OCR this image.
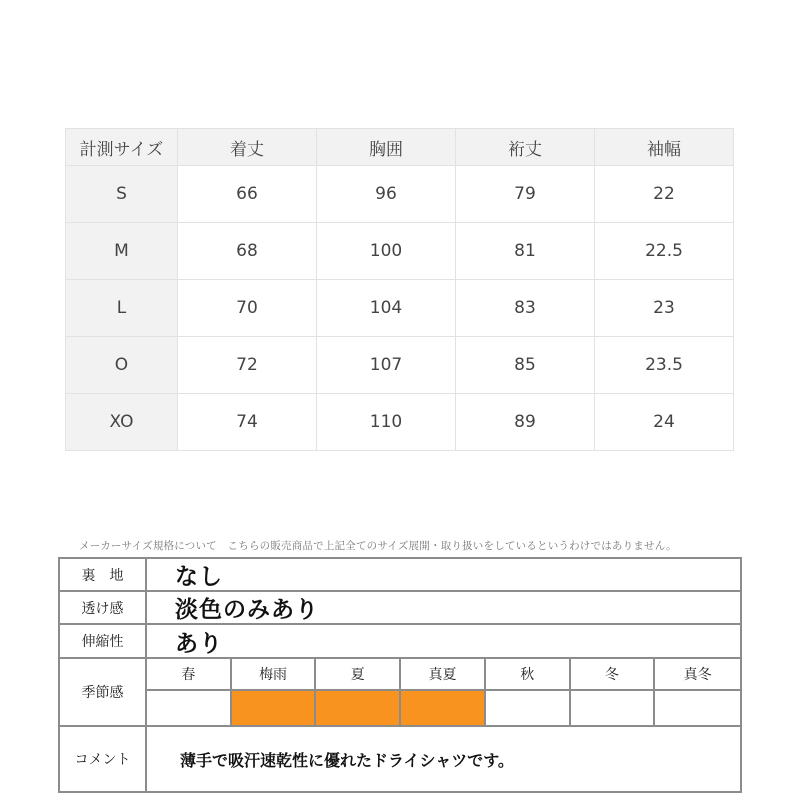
計測サイズ	着丈	胸囲	裄丈	袖幅
S	66	96	79	22
M	68	100	81	22.5
L	70	104	83	23
O	72	107	85	23.5
XO	74	110	89	24
メーカーサイズ規格について　こちらの販売商品で上記全てのサイズ展開・取り扱いをしているというわけではありません。
裏　地	なし
透け感	淡色のみあり
伸縮性	あり
季節感
春	梅雨	夏	真夏	秋	冬	真冬
コメント	薄手で吸汗速乾性に優れたドライシャツです。
